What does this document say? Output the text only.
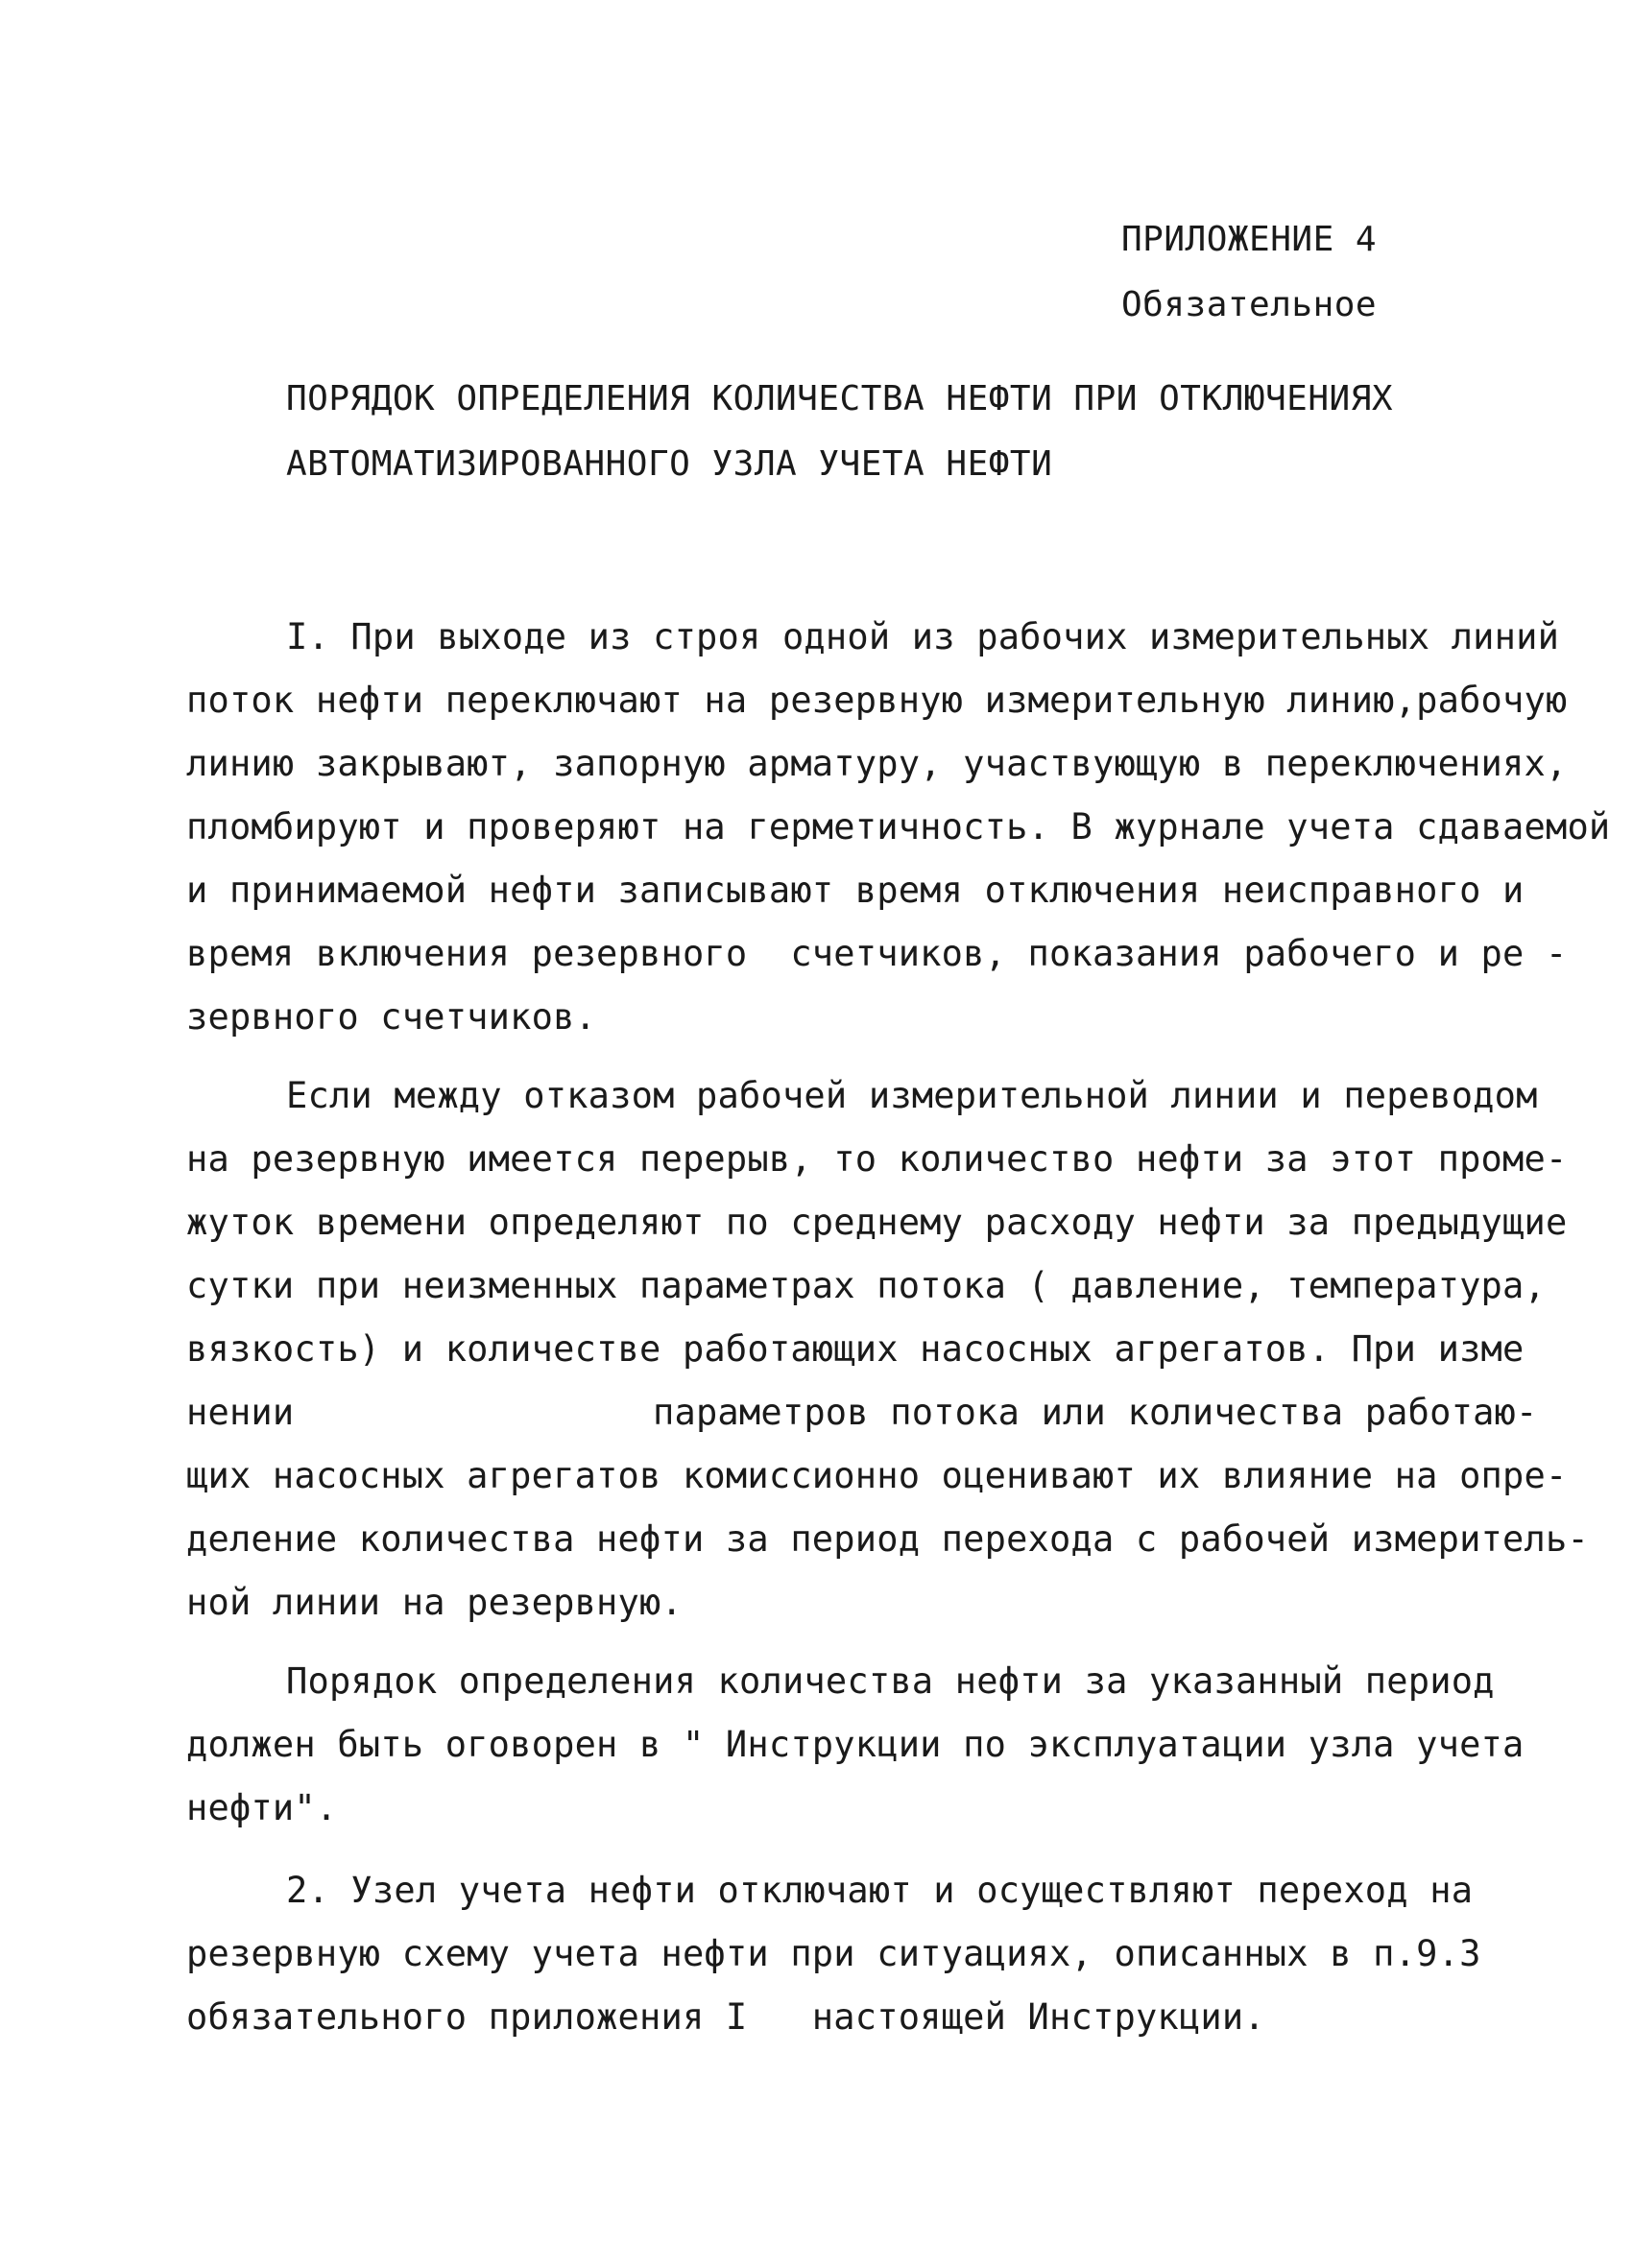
ПРИЛОЖЕНИЕ 4
Обязательное
ПОРЯДОК ОПРЕДЕЛЕНИЯ КОЛИЧЕСТВА НЕФТИ ПРИ ОТКЛЮЧЕНИЯХ
АВТОМАТИЗИРОВАННОГО УЗЛА УЧЕТА НЕФТИ
I. При выходе из строя одной из рабочих измерительных линий
поток нефти переключают на резервную измерительную линию,рабочую
линию закрывают, запорную арматуру, участвующую в переключениях,
пломбируют и проверяют на герметичность. В журнале учета сдаваемой
и принимаемой нефти записывают время отключения неисправного и
время включения резервного  счетчиков, показания рабочего и ре -
зервного счетчиков.
Если между отказом рабочей измерительной линии и переводом
на резервную имеется перерыв, то количество нефти за этот проме-
жуток времени определяют по среднему расходу нефти за предыдущие
сутки при неизменных параметрах потока ( давление, температура,
вязкость) и количестве работающих насосных агрегатов. При изме
нении	параметров потока или количества работаю-
щих насосных агрегатов комиссионно оценивают их влияние на опре-
деление количества нефти за период перехода с рабочей измеритель-
ной линии на резервную.
Порядок определения количества нефти за указанный период
должен быть оговорен в " Инструкции по эксплуатации узла учета
нефти".
2. Узел учета нефти отключают и осуществляют переход на
резервную схему учета нефти при ситуациях, описанных в п.9.3
обязательного приложения I   настоящей Инструкции.
